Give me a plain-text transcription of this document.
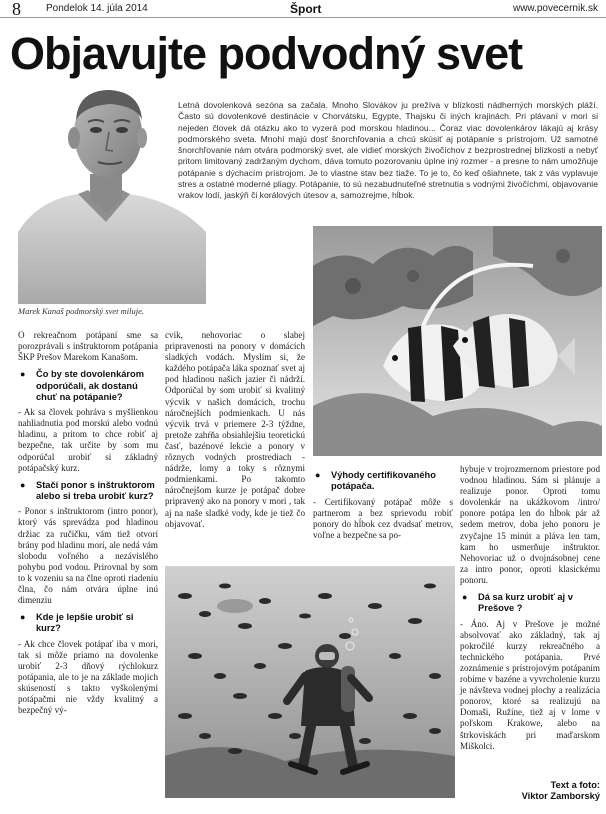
8	Pondelok 14. júla 2014	Šport	www.povecernik.sk
Objavujte podvodný svet
Marek Kanaš podmorský svet miluje.

Letná dovolenková sezóna sa začala. Mnoho Slovákov ju prežíva v blízkosti nádherných morských pláží. Často sú dovolenkové destinácie v Chorvátsku, Egypte, Thajsku či iných krajinách. Pri plávaní v mori si nejeden človek dá otázku ako to vyzerá pod morskou hladinou... Čoraz viac dovolenkárov lákajú aj krásy podmorského sveta. Mnohí majú dosť šnorchľovania a chcú skúsiť aj potápanie s prístrojom. Už samotné šnorchľovanie nám otvára podmorský svet, ale vidieť morských živočíchov z bezprostrednej blízkosti a nebyť pritom limitovaný zadržaným dychom, dáva tomuto pozorovaniu úplne iný rozmer - a presne to nám umožňuje potápanie s dýchacím prístrojom. Je to vlastne stav bez tiaže. To je to, čo keď ošiahnete, tak z vás vyplavuje stres a ostatné moderné pliagy. Potápanie, to sú nezabudnuteľné stretnutia s vodnými živočíchmi, objavovanie vrakov lodí, jaskýň či korálových útesov a, samozrejme, hĺbok.

O rekreačnom potápaní sme sa porozprávali s inštruktorom potápania ŠKP Prešov Marekom Kanašom.

● Čo by ste dovolenkárom odporúčali, ak dostanú chuť na potápanie?

- Ak sa človek pohráva s myšlienkou nahliadnutia pod morskú alebo vodnú hladinu, a pritom to chce robiť aj bezpečne, tak určite by som mu odporúčal urobiť si základný potápačský kurz.

● Stačí ponor s inštruktorom alebo si treba urobiť kurz?

- Ponor s inštruktorom (intro ponor), ktorý vás sprevádza pod hladinou držiac za ručičku, vám tiež otvorí brány pod hladinu morí, ale nedá vám slobodu voľného a nezávislého pohybu pod vodou. Prirovnal by som to k vozeniu sa na člne oproti riadeniu člna, čo nám otvára úplne inú dimenziu

● Kde je lepšie urobiť si kurz?

- Ak chce človek potápať iba v mori, tak si môže priamo na dovolenke urobiť 2-3 dňový rýchlokurz potápania, ale to je na základe mojich skúseností s takto vyškolenými potápačmi nie vždy kvalitný a bezpečný vý-

cvik, nehovoriac o slabej pripravenosti na ponory v domácich sladkých vodách. Myslím si, že každého potápača láka spoznať svet aj pod hladinou našich jazier či nádrží. Odporúčal by som urobiť si kvalitný výcvik v našich domácich, trochu náročnejších podmienkach. U nás výcvik trvá v priemere 2-3 týždne, pretože zahŕňa obsiahlejšiu teoretickú časť, bazénové lekcie a ponory v rôznych vodných prostrediach - nádrže, lomy a toky s rôznymi podmienkami. Po takomto náročnejšom kurze je potápač dobre pripravený ako na ponory v mori , tak aj na naše sladké vody, kde je tiež čo objavovať.

● Výhody certifikovaného potápača.

- Certifikovaný potápač môže s partnerom a bez sprievodu robiť ponory do hĺbok cez dvadsať metrov, voľne a bezpečne sa po-

hybuje v trojrozmernom priestore pod vodnou hladinou. Sám si plánuje a realizuje ponor. Oproti tomu dovolenkár na ukážkovom /intro/ ponore potápa len do hĺbok pár až sedem metrov, doba jeho ponoru je zvyčajne 15 minút a pláva len tam, kam ho usmerňuje inštruktor. Nehovoriac už o dvojnásobnej cene za intro ponor, oproti klasickému ponoru.

● Dá sa kurz urobiť aj v Prešove ?

- Áno. Aj v Prešove je možné absolvovať ako základný, tak aj pokročilé kurzy rekreačného a technického potápania. Prvé zoznámenie s prístrojovým potápaním robíme v bazéne a vyvrcholenie kurzu je návšteva vodnej plochy a realizácia ponorov, ktoré sa realizujú na Domaši, Ružíne, tiež aj v lome v poľskom Krakowe, alebo na štrkoviskách pri maďarskom Miškolci.

Text a foto:
Viktor Zamborský
